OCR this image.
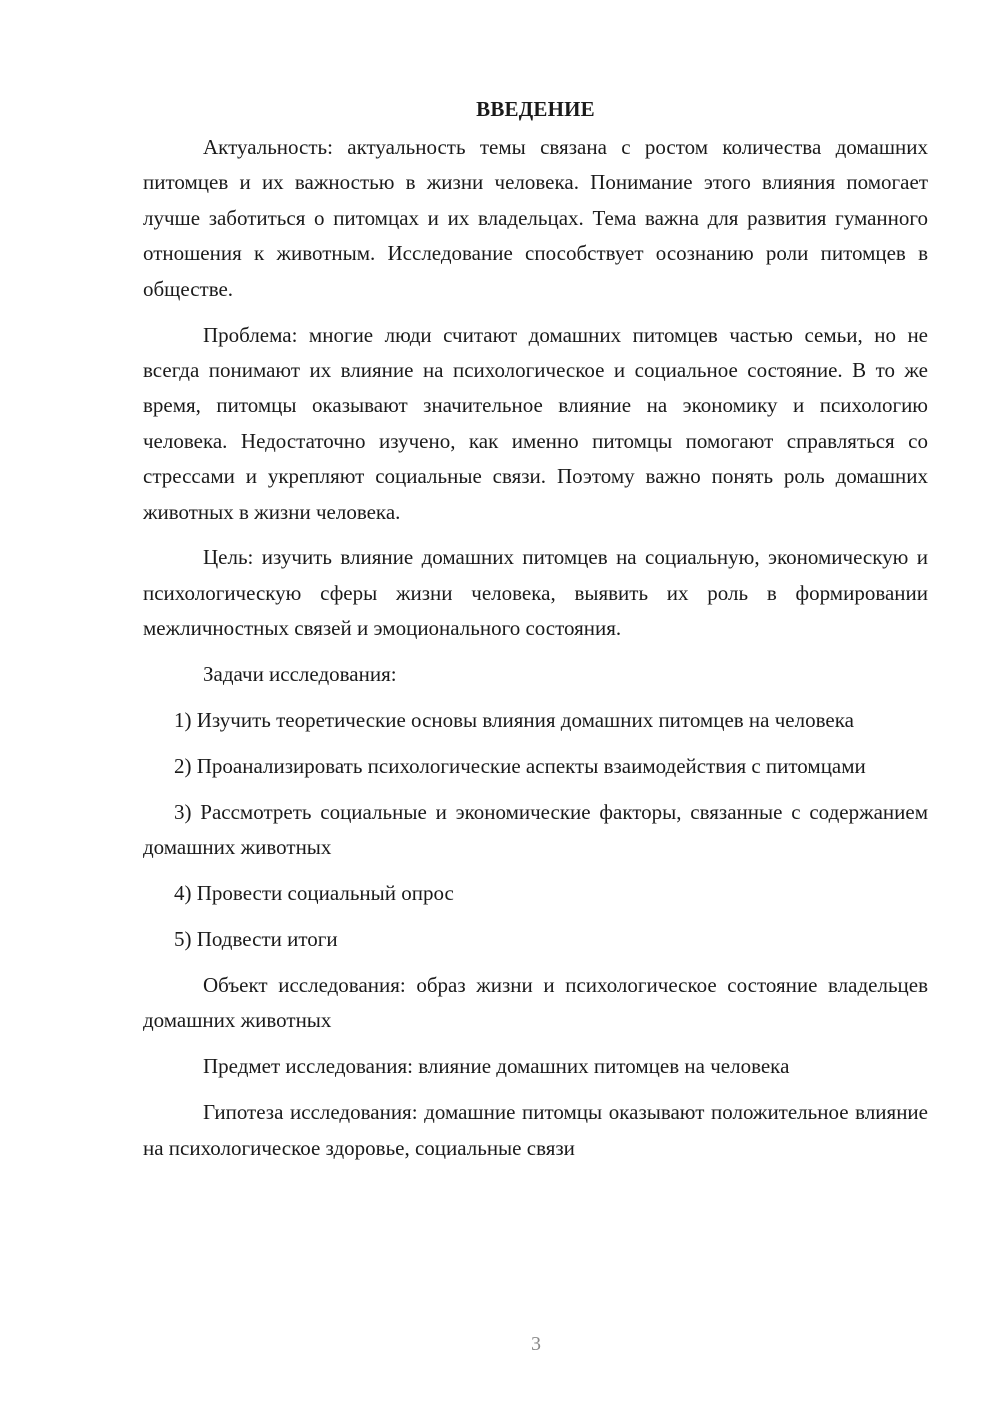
ВВЕДЕНИЕ

Актуальность: актуальность темы связана с ростом количества домашних питомцев и их важностью в жизни человека. Понимание этого влияния помогает лучше заботиться о питомцах и их владельцах. Тема важна для развития гуманного отношения к животным. Исследование способствует осознанию роли питомцев в обществе.

Проблема: многие люди считают домашних питомцев частью семьи, но не всегда понимают их влияние на психологическое и социальное состояние. В то же время, питомцы оказывают значительное влияние на экономику и психологию человека. Недостаточно изучено, как именно питомцы помогают справляться со стрессами и укрепляют социальные связи. Поэтому важно понять роль домашних животных в жизни человека.

Цель: изучить влияние домашних питомцев на социальную, экономическую и психологическую сферы жизни человека, выявить их роль в формировании межличностных связей и эмоционального состояния.

Задачи исследования:

1) Изучить теоретические основы влияния домашних питомцев на человека

2) Проанализировать психологические аспекты взаимодействия с питомцами

3) Рассмотреть социальные и экономические факторы, связанные с содержанием домашних животных

4) Провести социальный опрос

5) Подвести итоги

Объект исследования: образ жизни и психологическое состояние владельцев домашних животных

Предмет исследования: влияние домашних питомцев на человека

Гипотеза исследования: домашние питомцы оказывают положительное влияние на психологическое здоровье, социальные связи

3
